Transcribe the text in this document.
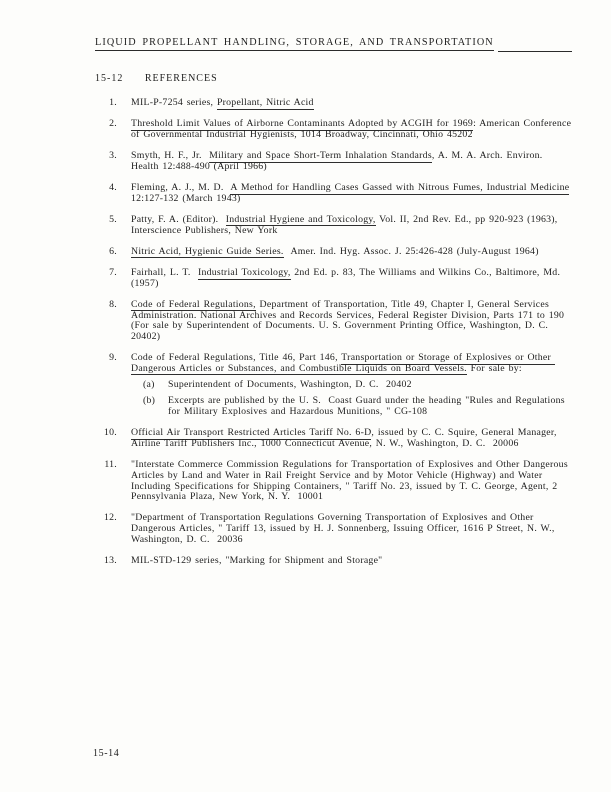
LIQUID PROPELLANT HANDLING, STORAGE, AND TRANSPORTATION
15-12 REFERENCES
1. MIL-P-7254 series, Propellant, Nitric Acid
2. Threshold Limit Values of Airborne Contaminants Adopted by ACGIH for 1969: American Conference of Governmental Industrial Hygienists, 1014 Broadway, Cincinnati, Ohio 45202
3. Smyth, H. F., Jr.  Military and Space Short-Term Inhalation Standards, A. M. A. Arch. Environ. Health 12:488-490 (April 1966)
4. Fleming, A. J., M. D.  A Method for Handling Cases Gassed with Nitrous Fumes, Industrial Medicine 12:127-132 (March 1943)
5. Patty, F. A. (Editor).  Industrial Hygiene and Toxicology, Vol. II, 2nd Rev. Ed., pp 920-923 (1963), Interscience Publishers, New York
6. Nitric Acid, Hygienic Guide Series.  Amer. Ind. Hyg. Assoc. J. 25:426-428 (July-August 1964)
7. Fairhall, L. T.  Industrial Toxicology, 2nd Ed. p. 83, The Williams and Wilkins Co., Baltimore, Md.  (1957)
8. Code of Federal Regulations, Department of Transportation, Title 49, Chapter I, General Services Administration. National Archives and Records Services, Federal Register Division, Parts 171 to 190 (For sale by Superintendent of Documents. U. S. Government Printing Office, Washington, D. C.  20402)
9. Code of Federal Regulations, Title 46, Part 146, Transportation or Storage of Explosives or Other Dangerous Articles or Substances, and Combustible Liquids on Board Vessels. For sale by:
(a)	Superintendent of Documents, Washington, D. C.  20402
(b)	Excerpts are published by the U. S.  Coast Guard under the heading "Rules and Regulations for Military Explosives and Hazardous Munitions, " CG-108
10. Official Air Transport Restricted Articles Tariff No. 6-D, issued by C. C. Squire, General Manager, Airline Tariff Publishers Inc., 1000 Connecticut Avenue, N. W., Washington, D. C.  20006
11. "Interstate Commerce Commission Regulations for Transportation of Explosives and Other Dangerous Articles by Land and Water in Rail Freight Service and by Motor Vehicle (Highway) and Water Including Specifications for Shipping Containers, " Tariff No. 23, issued by T. C. George, Agent, 2 Pennsylvania Plaza, New York, N. Y.  10001
12. "Department of Transportation Regulations Governing Transportation of Explosives and Other Dangerous Articles, " Tariff 13, issued by H. J. Sonnenberg, Issuing Officer, 1616 P Street, N. W., Washington, D. C.  20036
13. MIL-STD-129 series, "Marking for Shipment and Storage"
15-14
